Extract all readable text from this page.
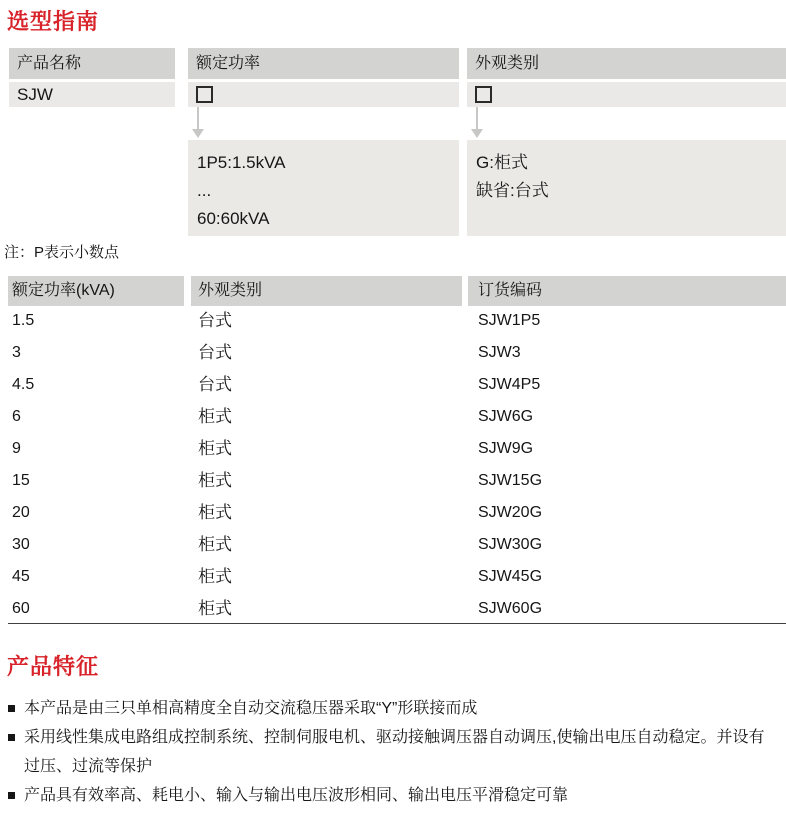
选型指南
产品名称	额定功率	外观类别
SJW
1P5:1.5kVA
...
60:60kVA
G:柜式
缺省:台式
注：P表示小数点
额定功率(kVA)	外观类别	订货编码
1.5	台式	SJW1P5
3	台式	SJW3
4.5	台式	SJW4P5
6	柜式	SJW6G
9	柜式	SJW9G
15	柜式	SJW15G
20	柜式	SJW20G
30	柜式	SJW30G
45	柜式	SJW45G
60	柜式	SJW60G
产品特征
本产品是由三只单相高精度全自动交流稳压器采取“Y”形联接而成
采用线性集成电路组成控制系统、控制伺服电机、驱动接触调压器自动调压,使输出电压自动稳定。并设有过压、过流等保护
产品具有效率高、耗电小、输入与输出电压波形相同、输出电压平滑稳定可靠
